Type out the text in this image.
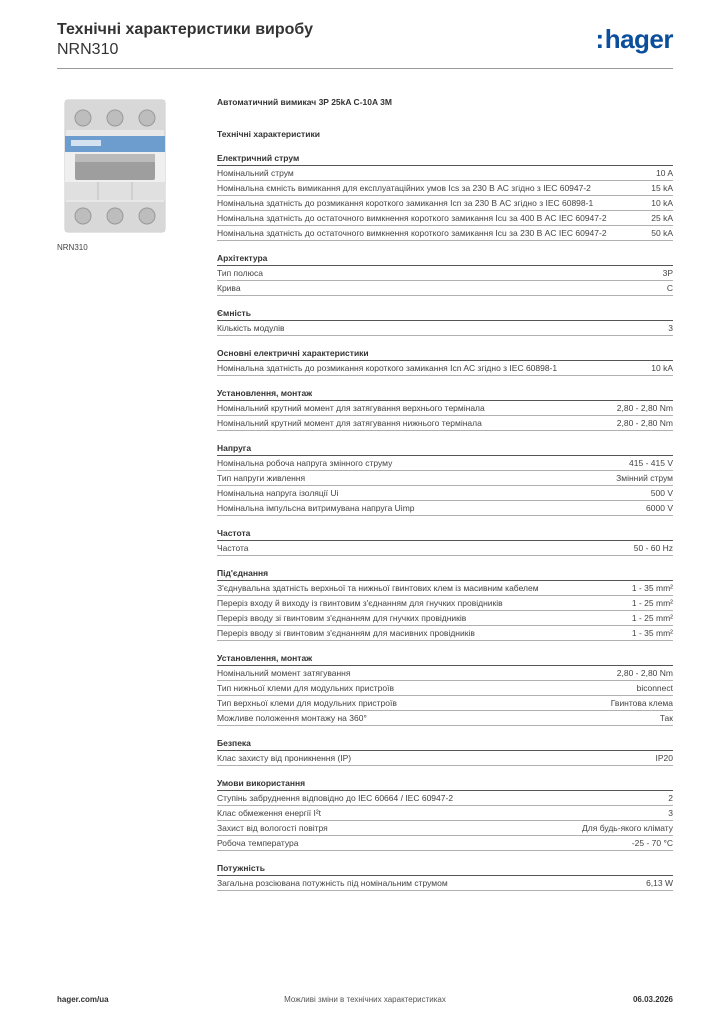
Технічні характеристики виробу
NRN310	:hager
NRN310
Автоматичний вимикач 3P 25kA C-10A 3M
Технічні характеристики
Електричний струм
Номінальний струм	10 A
Номінальна ємність вимикання для експлуатаційних умов Ics за 230 В AC згідно з IEC 60947-2	15 kA
Номінальна здатність до розмикання короткого замикання Icn за 230 В AC згідно з IEC 60898-1	10 kA
Номінальна здатність до остаточного вимкнення короткого замикання Icu за 400 В AC IEC 60947-2	25 kA
Номінальна здатність до остаточного вимкнення короткого замикання Icu за 230 В AC IEC 60947-2	50 kA
Архітектура
Тип полюса	3P
Крива	C
Ємність
Кількість модулів	3
Основні електричні характеристики
Номінальна здатність до розмикання короткого замикання Icn AC згідно з IEC 60898-1	10 kA
Установлення, монтаж
Номінальний крутний момент для затягування верхнього термінала	2,80 - 2,80 Nm
Номінальний крутний момент для затягування нижнього термінала	2,80 - 2,80 Nm
Напруга
Номінальна робоча напруга змінного струму	415 - 415 V
Тип напруги живлення	Змінний струм
Номінальна напруга ізоляції Ui	500 V
Номінальна імпульсна витримувана напруга Uimp	6000 V
Частота
Частота	50 - 60 Hz
Під'єднання
З'єднувальна здатність верхньої та нижньої гвинтових клем із масивним кабелем	1 - 35 mm²
Переріз входу й виходу із гвинтовим з'єднанням для гнучких провідників	1 - 25 mm²
Переріз вводу зі гвинтовим з'єднанням для гнучких провідників	1 - 25 mm²
Переріз вводу зі гвинтовим з'єднанням для масивних провідників	1 - 35 mm²
Установлення, монтаж
Номінальний момент затягування	2,80 - 2,80 Nm
Тип нижньої клеми для модульних пристроїв	biconnect
Тип верхньої клеми для модульних пристроїв	Гвинтова клема
Можливе положення монтажу на 360°	Так
Безпека
Клас захисту від проникнення (IP)	IP20
Умови використання
Ступінь забруднення відповідно до IEC 60664 / IEC 60947-2	2
Клас обмеження енергії I²t	3
Захист від вологості повітря	Для будь-якого клімату
Робоча температура	-25 - 70 °C
Потужність
Загальна розсіювана потужність під номінальним струмом	6,13 W
Можливі зміни в технічних характеристиках
hager.com/ua	06.03.2026
